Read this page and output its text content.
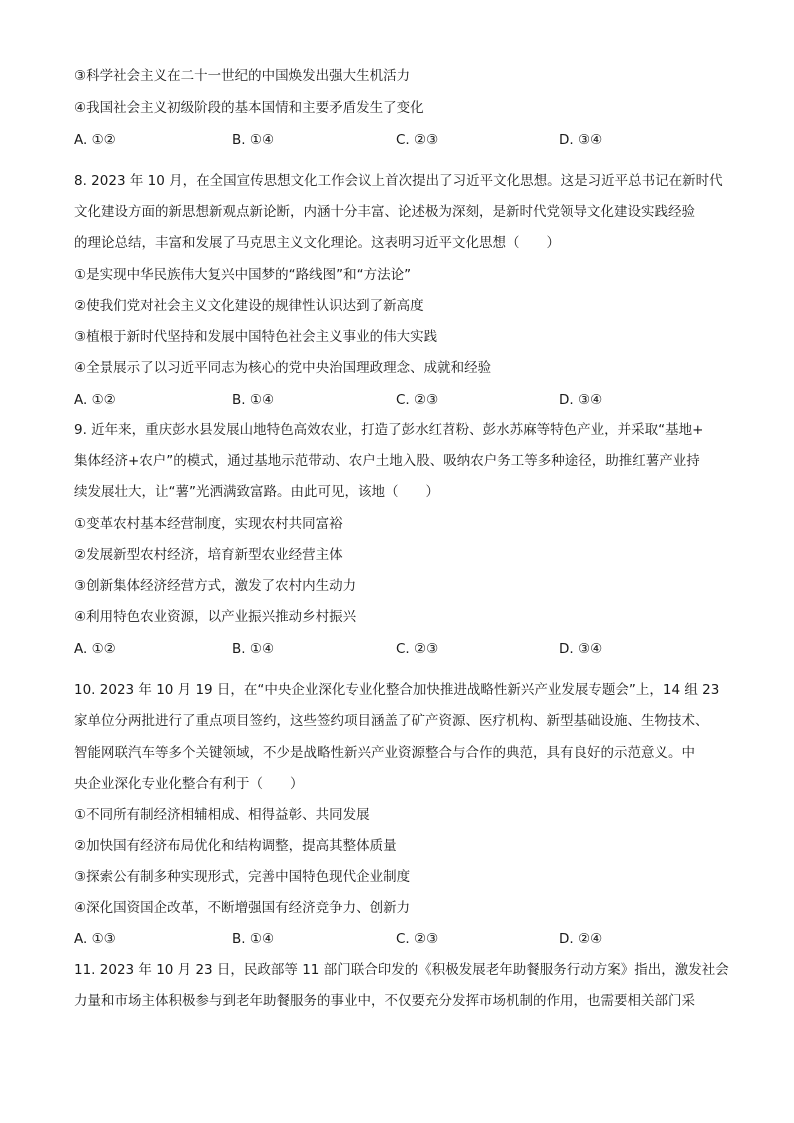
③科学社会主义在二十一世纪的中国焕发出强大生机活力
④我国社会主义初级阶段的基本国情和主要矛盾发生了变化
A. ①②	B. ①④	C. ②③	D. ③④
8. 2023 年 10 月，在全国宣传思想文化工作会议上首次提出了习近平文化思想。这是习近平总书记在新时代
文化建设方面的新思想新观点新论断，内涵十分丰富、论述极为深刻，是新时代党领导文化建设实践经验
的理论总结，丰富和发展了马克思主义文化理论。这表明习近平文化思想（　　）
①是实现中华民族伟大复兴中国梦的“路线图”和“方法论”
②使我们党对社会主义文化建设的规律性认识达到了新高度
③植根于新时代坚持和发展中国特色社会主义事业的伟大实践
④全景展示了以习近平同志为核心的党中央治国理政理念、成就和经验
A. ①②	B. ①④	C. ②③	D. ③④
9. 近年来，重庆彭水县发展山地特色高效农业，打造了彭水红苕粉、彭水苏麻等特色产业，并采取“基地+
集体经济+农户”的模式，通过基地示范带动、农户土地入股、吸纳农户务工等多种途径，助推红薯产业持
续发展壮大，让“薯”光洒满致富路。由此可见，该地（　　）
①变革农村基本经营制度，实现农村共同富裕
②发展新型农村经济，培育新型农业经营主体
③创新集体经济经营方式，激发了农村内生动力
④利用特色农业资源，以产业振兴推动乡村振兴
A. ①②	B. ①④	C. ②③	D. ③④
10. 2023 年 10 月 19 日，在“中央企业深化专业化整合加快推进战略性新兴产业发展专题会”上，14 组 23
家单位分两批进行了重点项目签约，这些签约项目涵盖了矿产资源、医疗机构、新型基础设施、生物技术、
智能网联汽车等多个关键领域，不少是战略性新兴产业资源整合与合作的典范，具有良好的示范意义。中
央企业深化专业化整合有利于（　　）
①不同所有制经济相辅相成、相得益彰、共同发展
②加快国有经济布局优化和结构调整，提高其整体质量
③探索公有制多种实现形式，完善中国特色现代企业制度
④深化国资国企改革，不断增强国有经济竞争力、创新力
A. ①③	B. ①④	C. ②③	D. ②④
11. 2023 年 10 月 23 日，民政部等 11 部门联合印发的《积极发展老年助餐服务行动方案》指出，激发社会
力量和市场主体积极参与到老年助餐服务的事业中，不仅要充分发挥市场机制的作用，也需要相关部门采
